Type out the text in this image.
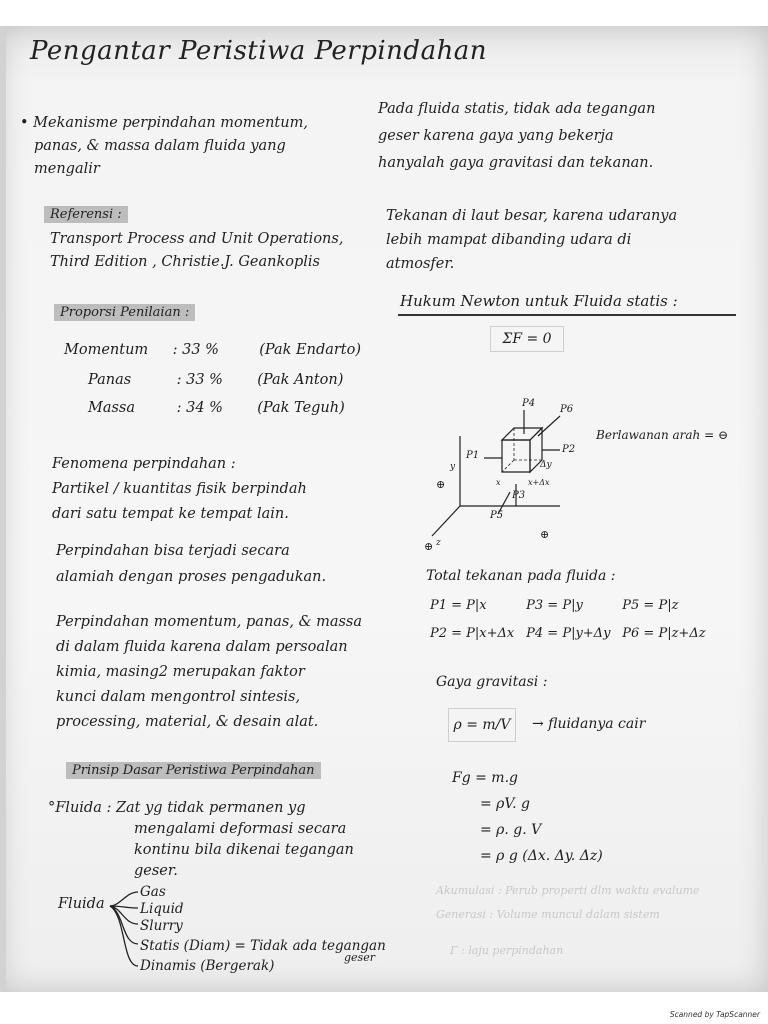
Pengantar Peristiwa Perpindahan
• Mekanisme perpindahan momentum,
panas, & massa dalam fluida yang
mengalir
Referensi :
Transport Process and Unit Operations,
Third Edition , Christie.J. Geankoplis
Proporsi Penilaian :
Momentum : 33 %	(Pak Endarto)
Panas	: 33 % (Pak Anton)
Massa	: 34 % (Pak Teguh)
Fenomena perpindahan :
Partikel / kuantitas fisik berpindah
dari satu tempat ke tempat lain.
Perpindahan bisa terjadi secara
alamiah dengan proses pengadukan.
Perpindahan momentum, panas, & massa
di dalam fluida karena dalam persoalan
kimia, masing2 merupakan faktor
kunci dalam mengontrol sintesis,
processing, material, & desain alat.
Prinsip Dasar Peristiwa Perpindahan
°Fluida : Zat yg tidak permanen yg
mengalami deformasi secara
kontinu bila dikenai tegangan
geser.
Fluida
Gas
Liquid
Slurry
Statis (Diam) = Tidak ada tegangan
geser
Dinamis (Bergerak)
Pada fluida statis, tidak ada tegangan
geser karena gaya yang bekerja
hanyalah gaya gravitasi dan tekanan.
Tekanan di laut besar, karena udaranya
lebih mampat dibanding udara di
atmosfer.
Hukum Newton untuk Fluida statis :
ΣF = 0
P4
P6
P2
P1
P3
P5
Δy
x+Δx
x
y
z
⊕
⊕
⊕
Berlawanan arah = ⊖
Total tekanan pada fluida :
P1 = P|x	P3 = P|y	P5 = P|z
P2 = P|x+Δx P4 = P|y+Δy P6 = P|z+Δz
Gaya gravitasi :
ρ = m/V	→ fluidanya cair
Fg = m.g
= ρV. g
= ρ. g. V
= ρ g (Δx. Δy. Δz)
Akumulasi : Perub properti dlm waktu evalume
Generasi : Volume muncul dalam sistem
Γ : laju perpindahan
Scanned by TapScanner
